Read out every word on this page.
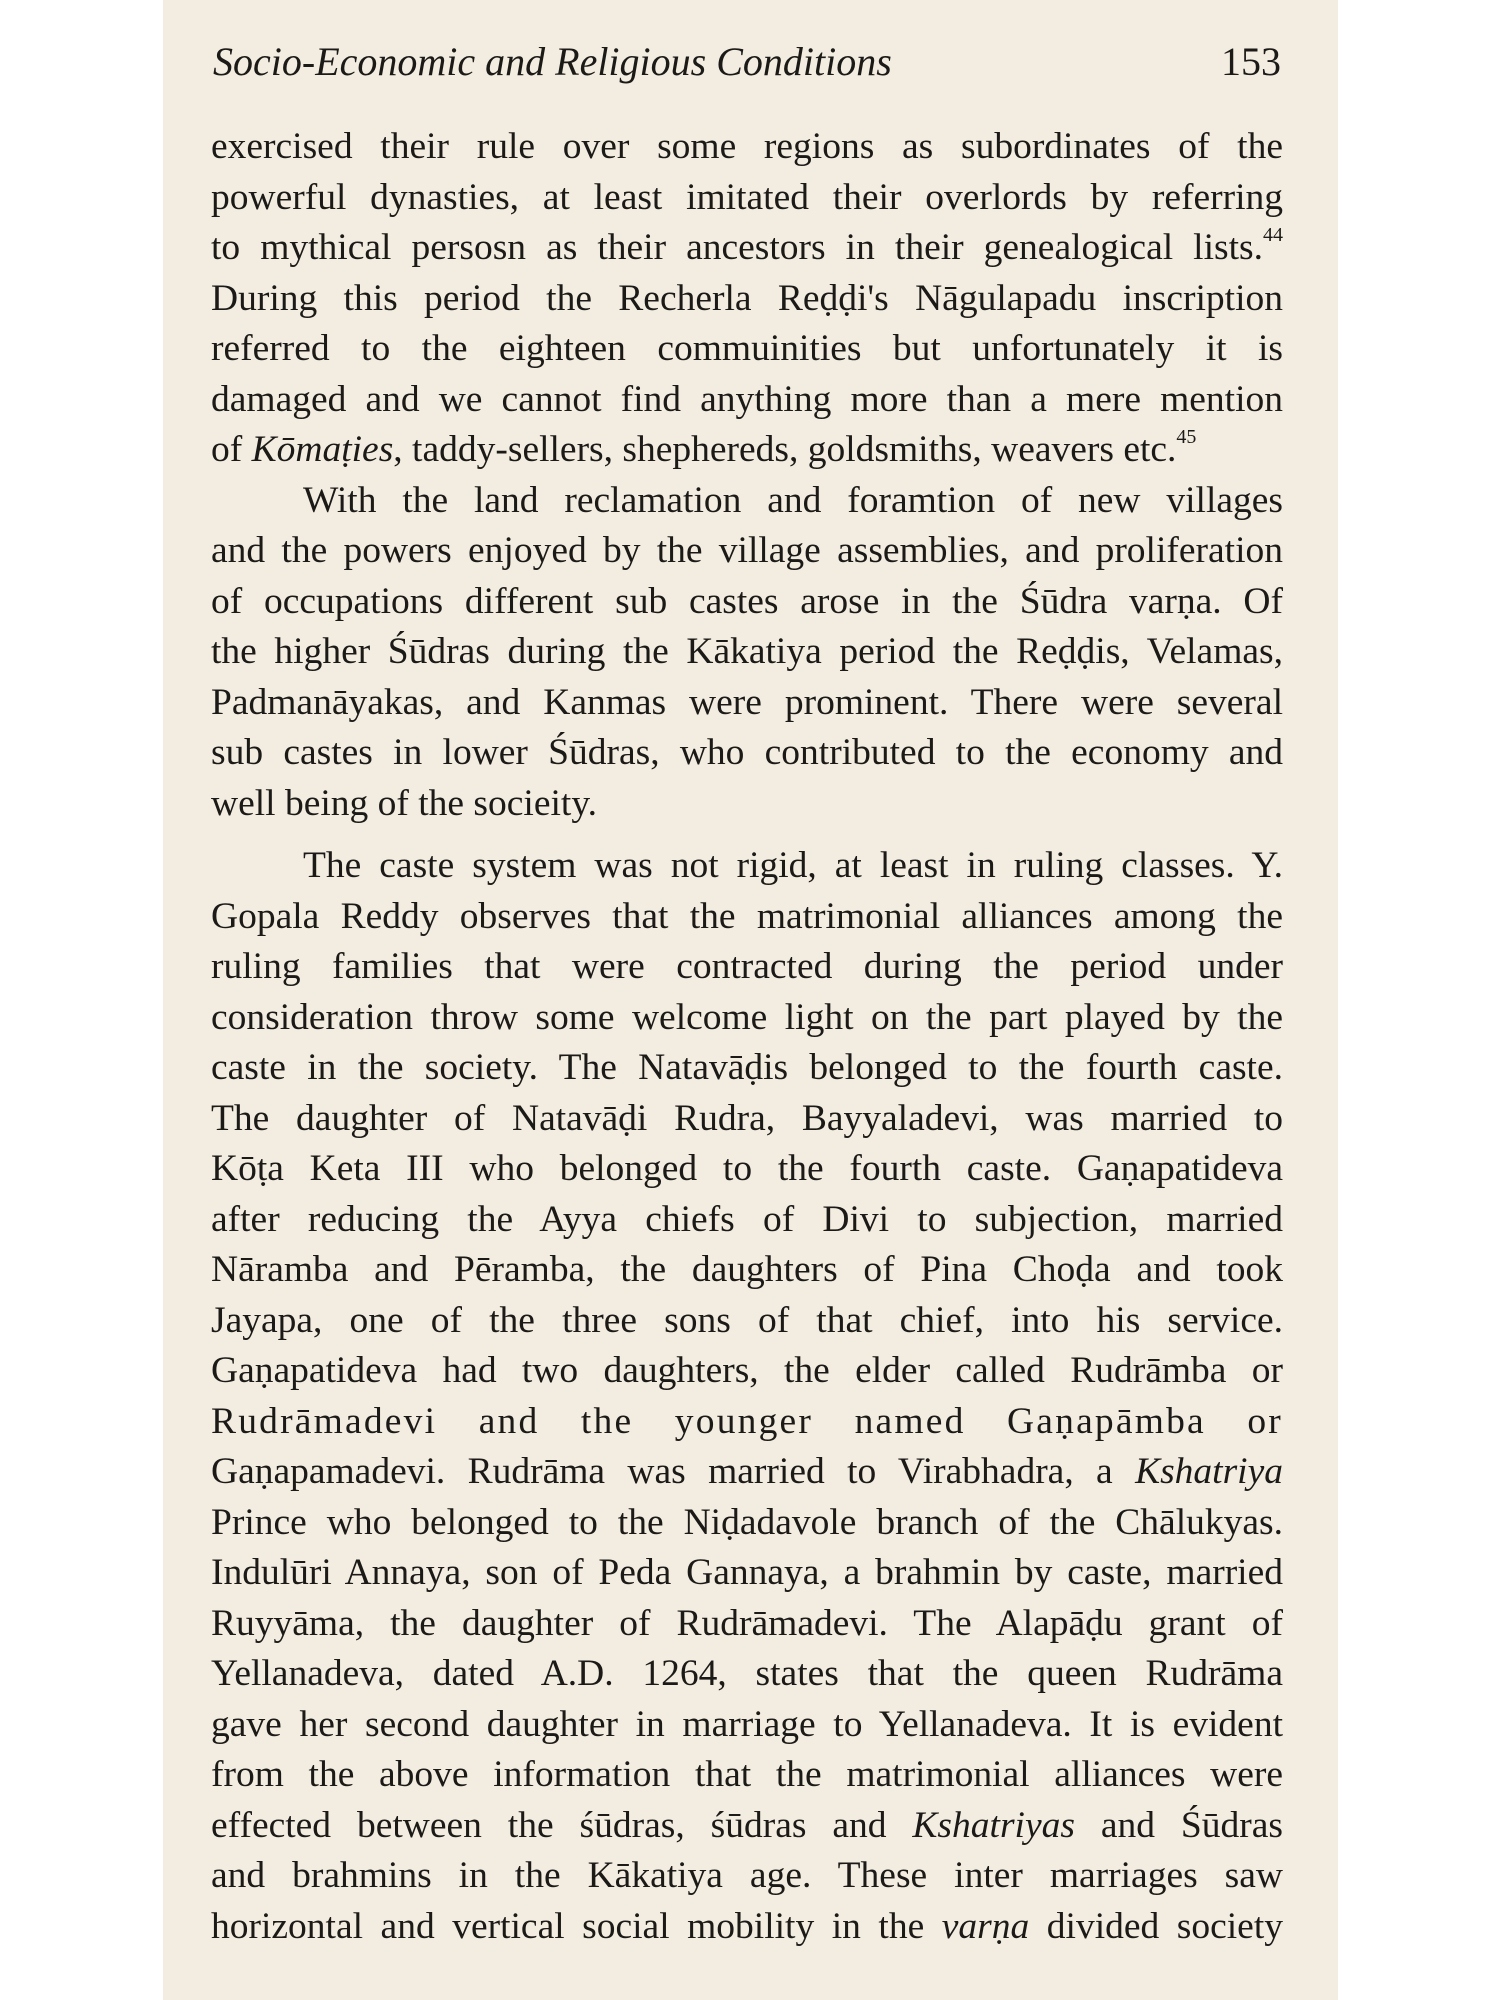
Socio-Economic and Religious Conditions	153
exercised their rule over some regions as subordinates of the
powerful dynasties, at least imitated their overlords by referring
to mythical persosn as their ancestors in their genealogical lists.$^{44}$
During this period the Recherla Reḍḍi's Nāgulapadu inscription
referred to the eighteen commuinities but unfortunately it is
damaged and we cannot find anything more than a mere mention
of Kōmaṭies, taddy-sellers, shephereds, goldsmiths, weavers etc.$^{45}$
With the land reclamation and foramtion of new villages
and the powers enjoyed by the village assemblies, and proliferation
of occupations different sub castes arose in the Śūdra varṇa. Of
the higher Śūdras during the Kākatiya period the Reḍḍis, Velamas,
Padmanāyakas, and Kanmas were prominent. There were several
sub castes in lower Śūdras, who contributed to the economy and
well being of the socieity.
The caste system was not rigid, at least in ruling classes. Y.
Gopala Reddy observes that the matrimonial alliances among the
ruling families that were contracted during the period under
consideration throw some welcome light on the part played by the
caste in the society. The Natavāḍis belonged to the fourth caste.
The daughter of Natavāḍi Rudra, Bayyaladevi, was married to
Kōṭa Keta III who belonged to the fourth caste. Gaṇapatideva
after reducing the Ayya chiefs of Divi to subjection, married
Nāramba and Pēramba, the daughters of Pina Choḍa and took
Jayapa, one of the three sons of that chief, into his service.
Gaṇapatideva had two daughters, the elder called Rudrāmba or
Rudrāmadevi and the younger named Gaṇapāmba or
Gaṇapamadevi. Rudrāma was married to Virabhadra, a Kshatriya
Prince who belonged to the Niḍadavole branch of the Chālukyas.
Indulūri Annaya, son of Peda Gannaya, a brahmin by caste, married
Ruyyāma, the daughter of Rudrāmadevi. The Alapāḍu grant of
Yellanadeva, dated A.D. 1264, states that the queen Rudrāma
gave her second daughter in marriage to Yellanadeva. It is evident
from the above information that the matrimonial alliances were
effected between the śūdras, śūdras and Kshatriyas and Śūdras
and brahmins in the Kākatiya age. These inter marriages saw
horizontal and vertical social mobility in the varṇa divided society
